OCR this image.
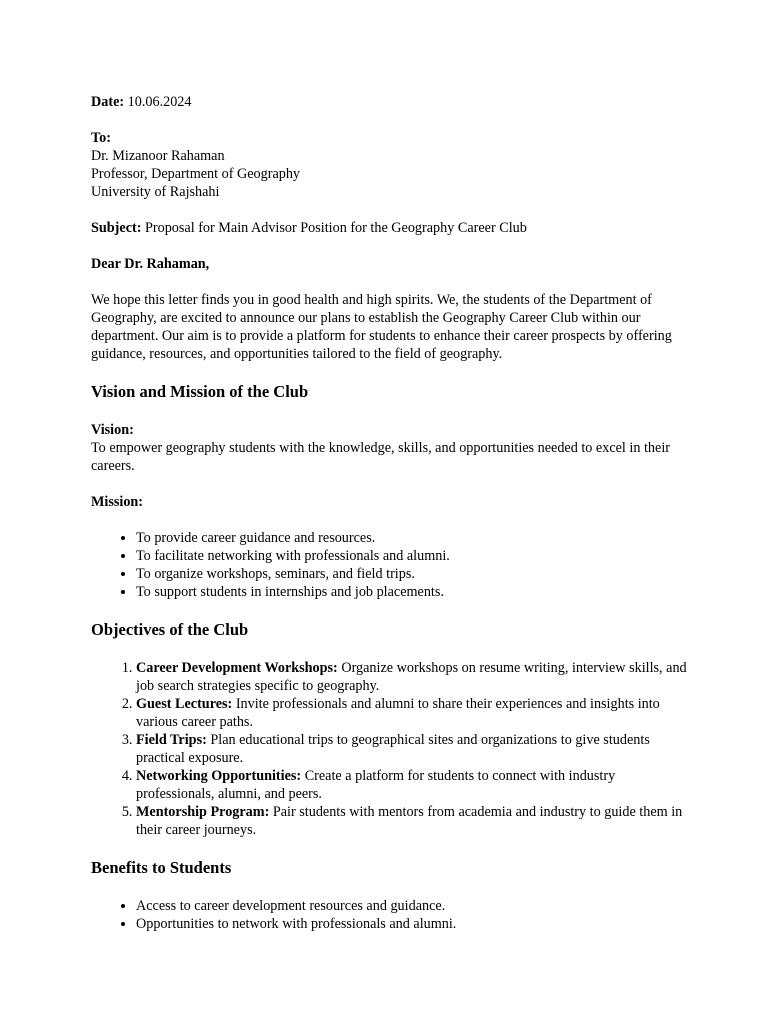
Date: 10.06.2024

To:

Dr. Mizanoor Rahaman

Professor, Department of Geography

University of Rajshahi

Subject: Proposal for Main Advisor Position for the Geography Career Club

Dear Dr. Rahaman,

We hope this letter finds you in good health and high spirits. We, the students of the Department of Geography, are excited to announce our plans to establish the Geography Career Club within our department. Our aim is to provide a platform for students to enhance their career prospects by offering guidance, resources, and opportunities tailored to the field of geography.

Vision and Mission of the Club

Vision:

To empower geography students with the knowledge, skills, and opportunities needed to excel in their careers.

Mission:

• To provide career guidance and resources.
• To facilitate networking with professionals and alumni.
• To organize workshops, seminars, and field trips.
• To support students in internships and job placements.
Objectives of the Club
1. Career Development Workshops: Organize workshops on resume writing, interview skills, and job search strategies specific to geography.
2. Guest Lectures: Invite professionals and alumni to share their experiences and insights into various career paths.
3. Field Trips: Plan educational trips to geographical sites and organizations to give students practical exposure.
4. Networking Opportunities: Create a platform for students to connect with industry professionals, alumni, and peers.
5. Mentorship Program: Pair students with mentors from academia and industry to guide them in their career journeys.
Benefits to Students
• Access to career development resources and guidance.
• Opportunities to network with professionals and alumni.
